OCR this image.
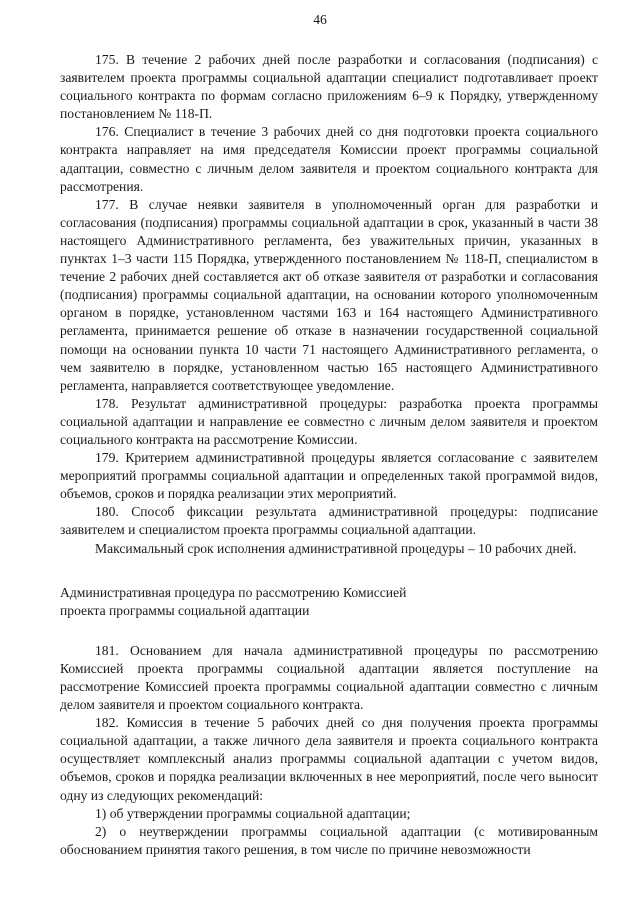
46

175. В течение 2 рабочих дней после разработки и согласования (подписания) с заявителем проекта программы социальной адаптации специалист подготавливает проект социального контракта по формам согласно приложениям 6–9 к Порядку, утвержденному постановлением № 118-П.

176. Специалист в течение 3 рабочих дней со дня подготовки проекта социального контракта направляет на имя председателя Комиссии проект программы социальной адаптации, совместно с личным делом заявителя и проектом социального контракта для рассмотрения.

177. В случае неявки заявителя в уполномоченный орган для разработки и согласования (подписания) программы социальной адаптации в срок, указанный в части 38 настоящего Административного регламента, без уважительных причин, указанных в пунктах 1–3 части 115 Порядка, утвержденного постановлением № 118-П, специалистом в течение 2 рабочих дней составляется акт об отказе заявителя от разработки и согласования (подписания) программы социальной адаптации, на основании которого уполномоченным органом в порядке, установленном частями 163 и 164 настоящего Административного регламента, принимается решение об отказе в назначении государственной социальной помощи на основании пункта 10 части 71 настоящего Административного регламента, о чем заявителю в порядке, установленном частью 165 настоящего Административного регламента, направляется соответствующее уведомление.

178. Результат административной процедуры: разработка проекта программы социальной адаптации и направление ее совместно с личным делом заявителя и проектом социального контракта на рассмотрение Комиссии.

179. Критерием административной процедуры является согласование с заявителем мероприятий программы социальной адаптации и определенных такой программой видов, объемов, сроков и порядка реализации этих мероприятий.

180. Способ фиксации результата административной процедуры: подписание заявителем и специалистом проекта программы социальной адаптации.

Максимальный срок исполнения административной процедуры – 10 рабочих дней.

Административная процедура по рассмотрению Комиссией

проекта программы социальной адаптации

181. Основанием для начала административной процедуры по рассмотрению Комиссией проекта программы социальной адаптации является поступление на рассмотрение Комиссией проекта программы социальной адаптации совместно с личным делом заявителя и проектом социального контракта.

182. Комиссия в течение 5 рабочих дней со дня получения проекта программы социальной адаптации, а также личного дела заявителя и проекта социального контракта осуществляет комплексный анализ программы социальной адаптации с учетом видов, объемов, сроков и порядка реализации включенных в нее мероприятий, после чего выносит одну из следующих рекомендаций:

1) об утверждении программы социальной адаптации;

2) о неутверждении программы социальной адаптации (с мотивированным обоснованием принятия такого решения, в том числе по причине невозможности
